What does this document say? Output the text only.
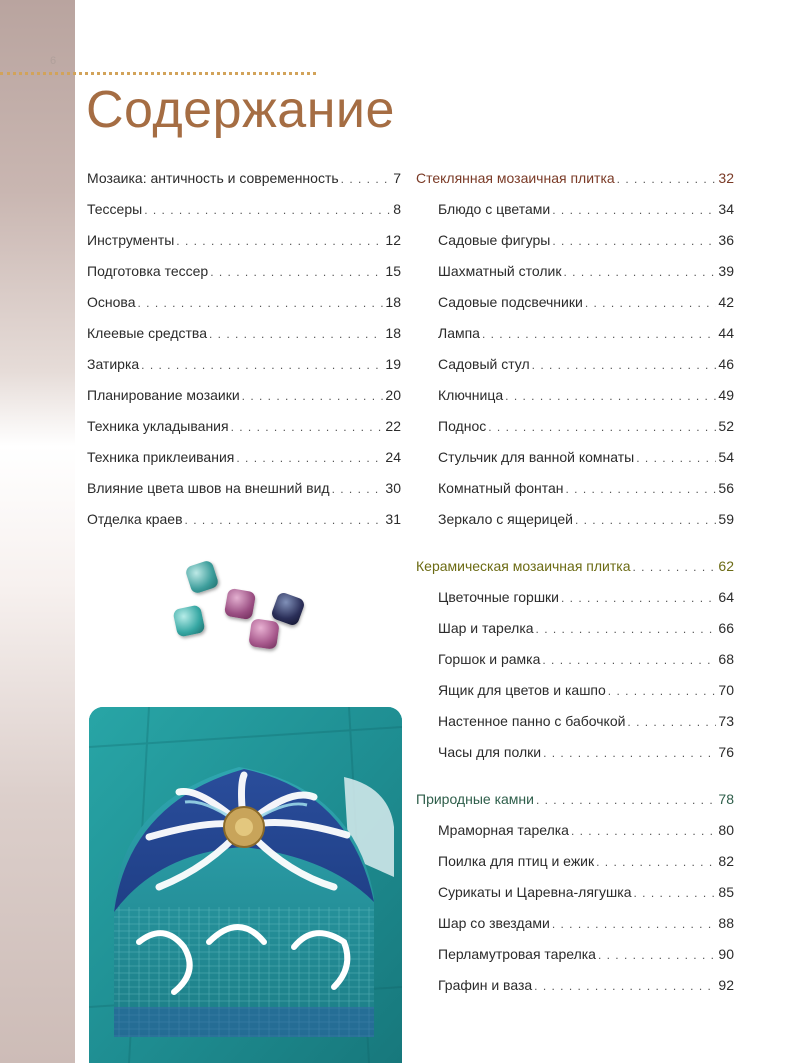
6
Содержание
Мозаика: античность и современность . . .	7
Тессеры . . .	8
Инструменты . . .	12
Подготовка тессер . . .	15
Основа . . .	18
Клеевые средства . . .	18
Затирка . . .	19
Планирование мозаики . . .	20
Техника укладывания . . .	22
Техника приклеивания . . .	24
Влияние цвета швов на внешний вид . . .	30
Отделка краев . . .	31
Стеклянная мозаичная плитка . . .	32
Блюдо с цветами . . .	34
Садовые фигуры . . .	36
Шахматный столик . . .	39
Садовые подсвечники . . .	42
Лампа . . .	44
Садовый стул . . .	46
Ключница . . .	49
Поднос . . .	52
Стульчик для ванной комнаты . . .	54
Комнатный фонтан . . .	56
Зеркало с ящерицей . . .	59
Керамическая мозаичная плитка . . .	62
Цветочные горшки . . .	64
Шар и тарелка . . .	66
Горшок и рамка . . .	68
Ящик для цветов и кашпо . . .	70
Настенное панно с бабочкой . . .	73
Часы для полки . . .	76
Природные камни . . .	78
Мраморная тарелка . . .	80
Поилка для птиц и ежик . . .	82
Сурикаты и Царевна-лягушка . . .	85
Шар со звездами . . .	88
Перламутровая тарелка . . .	90
Графин и ваза . . .	92
